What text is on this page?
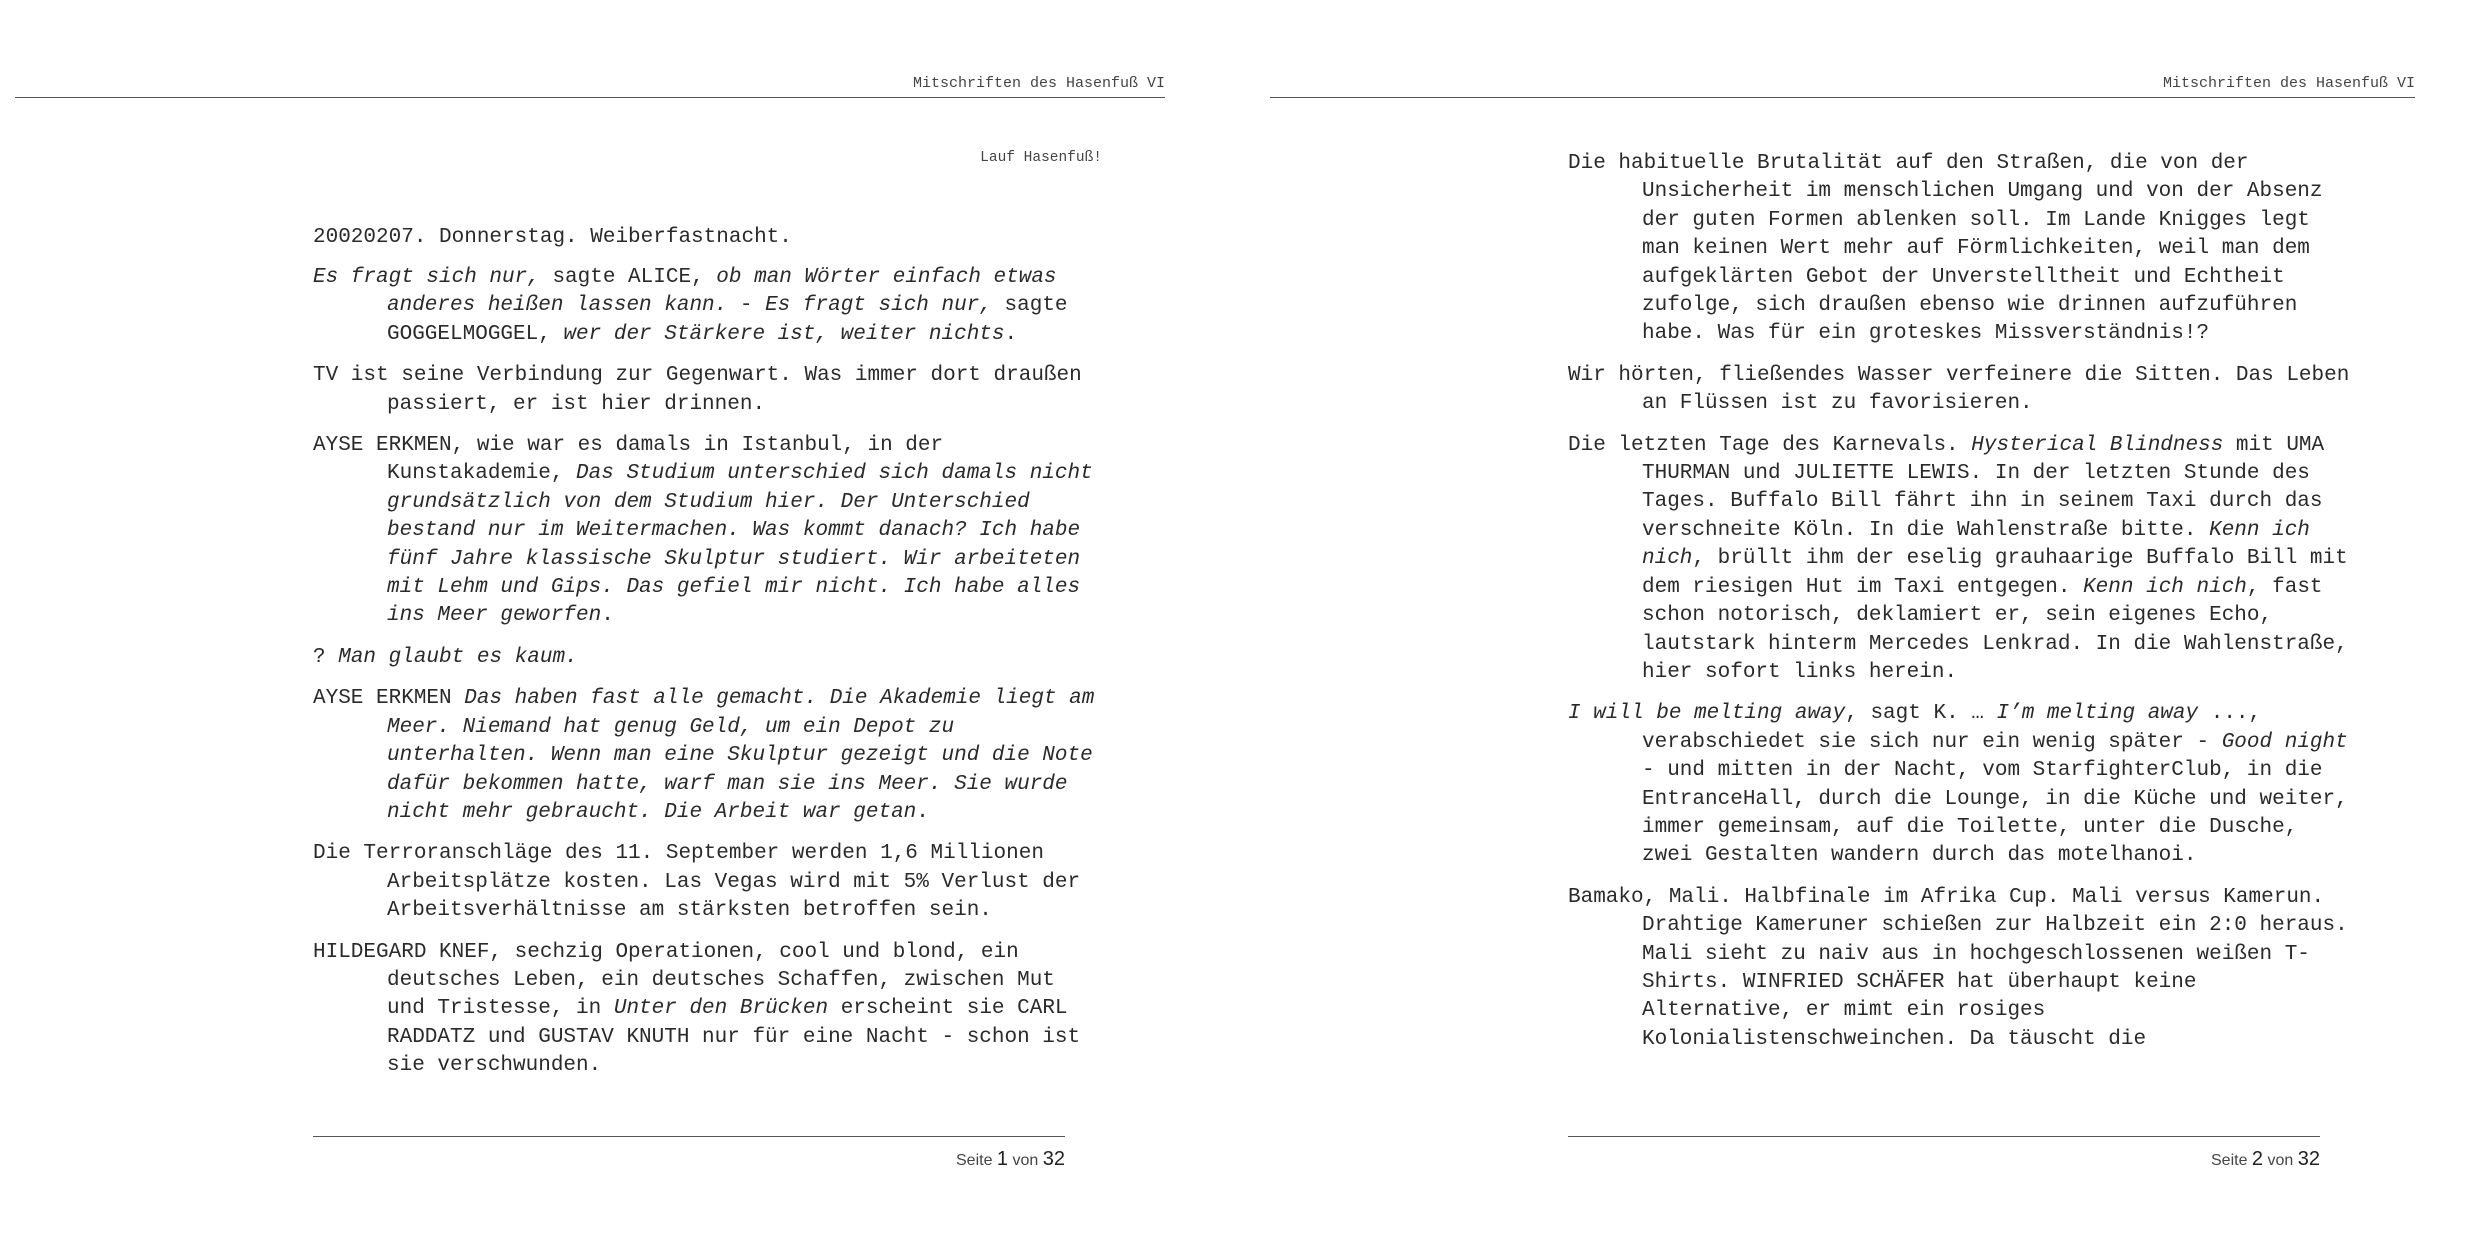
Mitschriften des Hasenfuß VI
Lauf Hasenfuß!
20020207. Donnerstag. Weiberfastnacht.

Es fragt sich nur, sagte ALICE, ob man Wörter einfach etwas anderes heißen lassen kann. - Es fragt sich nur, sagte GOGGELMOGGEL, wer der Stärkere ist, weiter nichts.

TV ist seine Verbindung zur Gegenwart. Was immer dort draußen passiert, er ist hier drinnen.

AYSE ERKMEN, wie war es damals in Istanbul, in der Kunstakademie, Das Studium unterschied sich damals nicht grundsätzlich von dem Studium hier. Der Unterschied bestand nur im Weitermachen. Was kommt danach? Ich habe fünf Jahre klassische Skulptur studiert. Wir arbeiteten mit Lehm und Gips. Das gefiel mir nicht. Ich habe alles ins Meer geworfen.

? Man glaubt es kaum.

AYSE ERKMEN Das haben fast alle gemacht. Die Akademie liegt am Meer. Niemand hat genug Geld, um ein Depot zu unterhalten. Wenn man eine Skulptur gezeigt und die Note dafür bekommen hatte, warf man sie ins Meer. Sie wurde nicht mehr gebraucht. Die Arbeit war getan.

Die Terroranschläge des 11. September werden 1,6 Millionen Arbeitsplätze kosten. Las Vegas wird mit 5% Verlust der Arbeitsverhältnisse am stärksten betroffen sein.

HILDEGARD KNEF, sechzig Operationen, cool und blond, ein deutsches Leben, ein deutsches Schaffen, zwischen Mut und Tristesse, in Unter den Brücken erscheint sie CARL RADDATZ und GUSTAV KNUTH nur für eine Nacht - schon ist sie verschwunden.

Seite 1 von 32
Mitschriften des Hasenfuß VI

Die habituelle Brutalität auf den Straßen, die von der Unsicherheit im menschlichen Umgang und von der Absenz der guten Formen ablenken soll. Im Lande Knigges legt man keinen Wert mehr auf Förmlichkeiten, weil man dem aufgeklärten Gebot der Unverstelltheit und Echtheit zufolge, sich draußen ebenso wie drinnen aufzuführen habe. Was für ein groteskes Missverständnis!?

Wir hörten, fließendes Wasser verfeinere die Sitten. Das Leben an Flüssen ist zu favorisieren.

Die letzten Tage des Karnevals. Hysterical Blindness mit UMA THURMAN und JULIETTE LEWIS. In der letzten Stunde des Tages. Buffalo Bill fährt ihn in seinem Taxi durch das verschneite Köln. In die Wahlenstraße bitte. Kenn ich nich, brüllt ihm der eselig grauhaarige Buffalo Bill mit dem riesigen Hut im Taxi entgegen. Kenn ich nich, fast schon notorisch, deklamiert er, sein eigenes Echo, lautstark hinterm Mercedes Lenkrad. In die Wahlenstraße, hier sofort links herein.

I will be melting away, sagt K. … I’m melting away ..., verabschiedet sie sich nur ein wenig später - Good night - und mitten in der Nacht, vom StarfighterClub, in die EntranceHall, durch die Lounge, in die Küche und weiter, immer gemeinsam, auf die Toilette, unter die Dusche, zwei Gestalten wandern durch das motelhanoi.

Bamako, Mali. Halbfinale im Afrika Cup. Mali versus Kamerun. Drahtige Kameruner schießen zur Halbzeit ein 2:0 heraus. Mali sieht zu naiv aus in hochgeschlossenen weißen T-Shirts. WINFRIED SCHÄFER hat überhaupt keine Alternative, er mimt ein rosiges Kolonialistenschweinchen. Da täuscht die

Seite 2 von 32
